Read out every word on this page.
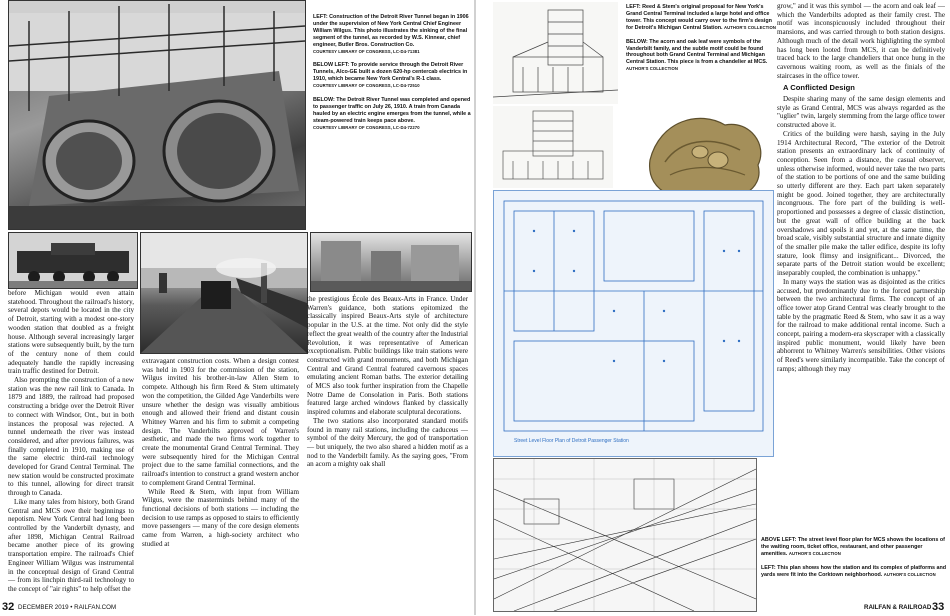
LEFT: Construction of the Detroit River Tunnel began in 1906 under the supervision of New York Central Chief Engineer William Wilgus. This photo illustrates the sinking of the final segment of the tunnel, as recorded by W.S. Kinnear, chief engineer, Butler Bros. Construction Co.
COURTESY LIBRARY OF CONGRESS, LC-D4-71381

BELOW LEFT: To provide service through the Detroit River Tunnels, Alco-GE built a dozen 620-hp centercab electrics in 1910, which became New York Central's R-1 class.
COURTESY LIBRARY OF CONGRESS, LC-D4-72510

BELOW: The Detroit River Tunnel was completed and opened to passenger traffic on July 26, 1910. A train from Canada hauled by an electric engine emerges from the tunnel, while a steam-powered train keeps pace above.
COURTESY LIBRARY OF CONGRESS, LC-D4-72270

before Michigan would even attain statehood. Throughout the railroad's history, several depots would be located in the city of Detroit, starting with a modest one-story wooden station that doubled as a freight house. Although several increasingly larger stations were subsequently built, by the turn of the century none of them could adequately handle the rapidly increasing train traffic destined for Detroit.

Also prompting the construction of a new station was the new rail link to Canada. In 1879 and 1889, the railroad had proposed constructing a bridge over the Detroit River to connect with Windsor, Ont., but in both instances the proposal was rejected. A tunnel underneath the river was instead considered, and after previous failures, was finally completed in 1910, making use of the same electric third-rail technology developed for Grand Central Terminal. The new station would be constructed proximate to this tunnel, allowing for direct transit through to Canada.

Like many tales from history, both Grand Central and MCS owe their beginnings to nepotism. New York Central had long been controlled by the Vanderbilt dynasty, and after 1898, Michigan Central Railroad became another piece of its growing transportation empire. The railroad's Chief Engineer William Wilgus was instrumental in the conceptual design of Grand Central — from its linchpin third-rail technology to the concept of "air rights" to help offset the

extravagant construction costs. When a design contest was held in 1903 for the commission of the station, Wilgus invited his brother-in-law Allen Stem to compete. Although his firm Reed & Stem ultimately won the competition, the Gilded Age Vanderbilts were unsure whether the design was visually ambitious enough and allowed their friend and distant cousin Whitney Warren and his firm to submit a competing design. The Vanderbilts approved of Warren's aesthetic, and made the two firms work together to create the monumental Grand Central Terminal. They were subsequently hired for the Michigan Central project due to the same familial connections, and the railroad's intention to construct a grand western anchor to complement Grand Central Terminal.

While Reed & Stem, with input from William Wilgus, were the masterminds behind many of the functional decisions of both stations — including the decision to use ramps as opposed to stairs to efficiently move passengers — many of the core design elements came from Warren, a high-society architect who studied at

the prestigious École des Beaux-Arts in France. Under Warren's guidance, both stations epitomized the classically inspired Beaux-Arts style of architecture popular in the U.S. at the time. Not only did the style reflect the great wealth of the country after the Industrial Revolution, it was representative of American exceptionalism. Public buildings like train stations were constructed with grand monuments, and both Michigan Central and Grand Central featured cavernous spaces emulating ancient Roman baths. The exterior detailing of MCS also took further inspiration from the Chapelle Notre Dame de Consolation in Paris. Both stations featured large arched windows flanked by classically inspired columns and elaborate sculptural decorations.

The two stations also incorporated standard motifs found in many rail stations, including the caduceus — symbol of the deity Mercury, the god of transportation — but uniquely, the two also shared a hidden motif as a nod to the Vanderbilt family. As the saying goes, "From an acorn a mighty oak shall

32 DECEMBER 2019 • RAILFAN.COM

LEFT: Reed & Stem's original proposal for New York's Grand Central Terminal included a large hotel and office tower. This concept would carry over to the firm's design for Detroit's Michigan Central Station. AUTHOR'S COLLECTION

BELOW: The acorn and oak leaf were symbols of the Vanderbilt family, and the subtle motif could be found throughout both Grand Central Terminal and Michigan Central Station. This piece is from a chandelier at MCS.
AUTHOR'S COLLECTION

Street Level Floor Plan of Detroit Passenger Station

grow," and it was this symbol — the acorn and oak leaf — which the Vanderbilts adopted as their family crest. The motif was inconspicuously included throughout their mansions, and was carried through to both station designs. Although much of the detail work highlighting the symbol has long been looted from MCS, it can be definitively traced back to the large chandeliers that once hung in the cavernous waiting room, as well as the finials of the staircases in the office tower.

A Conflicted Design

Despite sharing many of the same design elements and style as Grand Central, MCS was always regarded as the "uglier" twin, largely stemming from the large office tower constructed above it.

Critics of the building were harsh, saying in the July 1914 Architectural Record, "The exterior of the Detroit station presents an extraordinary lack of continuity of conception. Seen from a distance, the casual observer, unless otherwise informed, would never take the two parts of the station to be portions of one and the same building so utterly different are they. Each part taken separately might be good. Joined together, they are architecturally incongruous. The fore part of the building is well-proportioned and possesses a degree of classic distinction, but the great wall of office building at the back overshadows and spoils it and yet, at the same time, the broad scale, visibly substantial structure and innate dignity of the smaller pile make the taller edifice, despite its lofty stature, look flimsy and insignificant... Divorced, the separate parts of the Detroit station would be excellent; inseparably coupled, the combination is unhappy."

In many ways the station was as disjointed as the critics accused, but predominantly due to the forced partnership between the two architectural firms. The concept of an office tower atop Grand Central was clearly brought to the table by the pragmatic Reed & Stem, who saw it as a way for the railroad to make additional rental income. Such a concept, pairing a modern-era skyscraper with a classically inspired public monument, would likely have been abhorrent to Whitney Warren's sensibilities. Other visions of Reed's were similarly incompatible. Take the concept of ramps; although they may

ABOVE LEFT: The street level floor plan for MCS shows the locations of the waiting room, ticket office, restaurant, and other passenger amenities. AUTHOR'S COLLECTION

LEFT: This plan shows how the station and its complex of platforms and yards were fit into the Corktown neighborhood. AUTHOR'S COLLECTION

RAILFAN & RAILROAD 33
